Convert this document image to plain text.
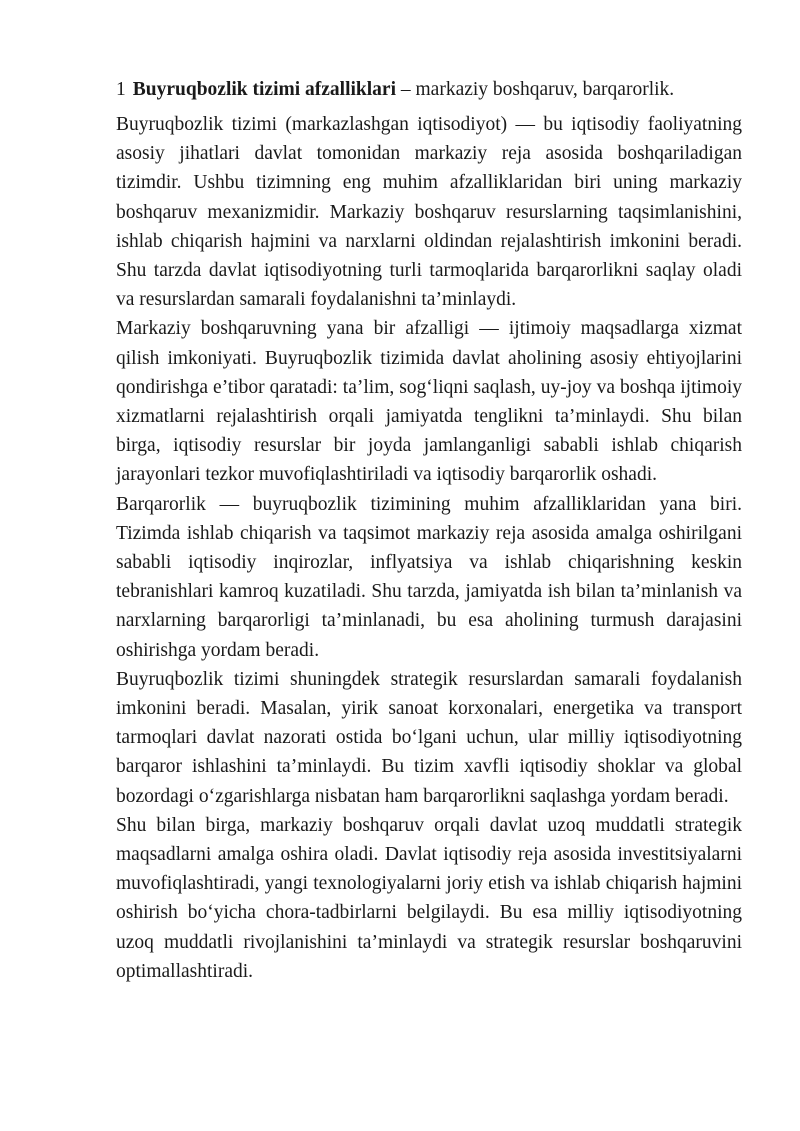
1 Buyruqbozlik tizimi afzalliklari – markaziy boshqaruv, barqarorlik.

Buyruqbozlik tizimi (markazlashgan iqtisodiyot) — bu iqtisodiy faoliyatning asosiy jihatlari davlat tomonidan markaziy reja asosida boshqariladigan tizimdir. Ushbu tizimning eng muhim afzalliklaridan biri uning markaziy boshqaruv mexanizmidir. Markaziy boshqaruv resurslarning taqsimlanishini, ishlab chiqarish hajmini va narxlarni oldindan rejalashtirish imkonini beradi. Shu tarzda davlat iqtisodiyotning turli tarmoqlarida barqarorlikni saqlay oladi va resurslardan samarali foydalanishni ta’minlaydi.

Markaziy boshqaruvning yana bir afzalligi — ijtimoiy maqsadlarga xizmat qilish imkoniyati. Buyruqbozlik tizimida davlat aholining asosiy ehtiyojlarini qondirishga e’tibor qaratadi: ta’lim, sog‘liqni saqlash, uy-joy va boshqa ijtimoiy xizmatlarni rejalashtirish orqali jamiyatda tenglikni ta’minlaydi. Shu bilan birga, iqtisodiy resurslar bir joyda jamlanganligi sababli ishlab chiqarish jarayonlari tezkor muvofiqlashtiriladi va iqtisodiy barqarorlik oshadi.

Barqarorlik — buyruqbozlik tizimining muhim afzalliklaridan yana biri. Tizimda ishlab chiqarish va taqsimot markaziy reja asosida amalga oshirilgani sababli iqtisodiy inqirozlar, inflyatsiya va ishlab chiqarishning keskin tebranishlari kamroq kuzatiladi. Shu tarzda, jamiyatda ish bilan ta’minlanish va narxlarning barqarorligi ta’minlanadi, bu esa aholining turmush darajasini oshirishga yordam beradi.

Buyruqbozlik tizimi shuningdek strategik resurslardan samarali foydalanish imkonini beradi. Masalan, yirik sanoat korxonalari, energetika va transport tarmoqlari davlat nazorati ostida bo‘lgani uchun, ular milliy iqtisodiyotning barqaror ishlashini ta’minlaydi. Bu tizim xavfli iqtisodiy shoklar va global bozordagi o‘zgarishlarga nisbatan ham barqarorlikni saqlashga yordam beradi.

Shu bilan birga, markaziy boshqaruv orqali davlat uzoq muddatli strategik maqsadlarni amalga oshira oladi. Davlat iqtisodiy reja asosida investitsiyalarni muvofiqlashtiradi, yangi texnologiyalarni joriy etish va ishlab chiqarish hajmini oshirish bo‘yicha chora-tadbirlarni belgilaydi. Bu esa milliy iqtisodiyotning uzoq muddatli rivojlanishini ta’minlaydi va strategik resurslar boshqaruvini optimallashtiradi.
